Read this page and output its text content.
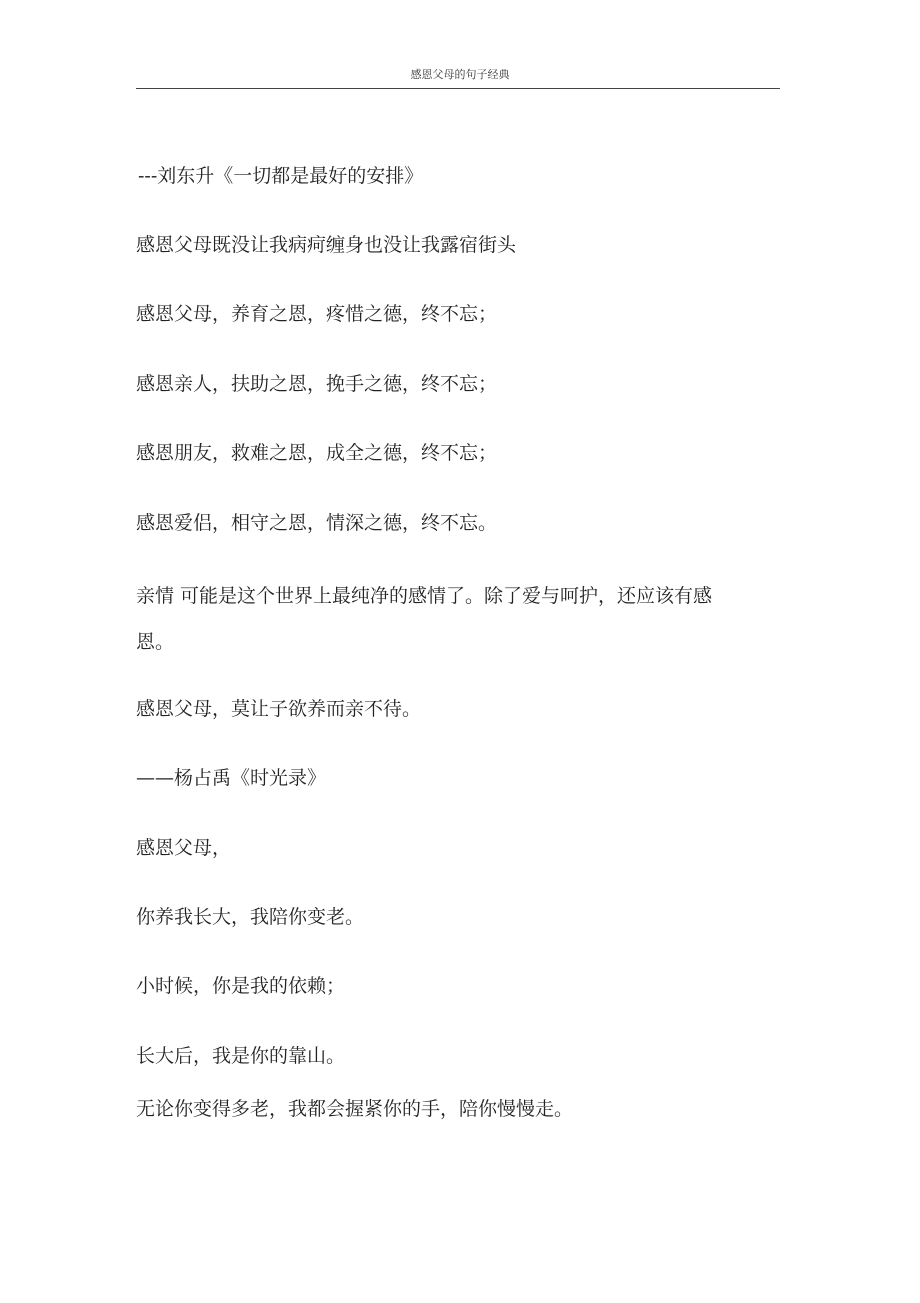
感恩父母的句子经典
---刘东升《一切都是最好的安排》
感恩父母既没让我病疴缠身也没让我露宿街头
感恩父母，养育之恩，疼惜之德，终不忘；
感恩亲人，扶助之恩，挽手之德，终不忘；
感恩朋友，救难之恩，成全之德，终不忘；
感恩爱侣，相守之恩，情深之德，终不忘。
亲情 可能是这个世界上最纯净的感情了。除了爱与呵护，还应该有感恩。
感恩父母，莫让子欲养而亲不待。
——杨占禹《时光录》
感恩父母，
你养我长大，我陪你变老。
小时候，你是我的依赖；
长大后，我是你的靠山。
无论你变得多老，我都会握紧你的手，陪你慢慢走。
